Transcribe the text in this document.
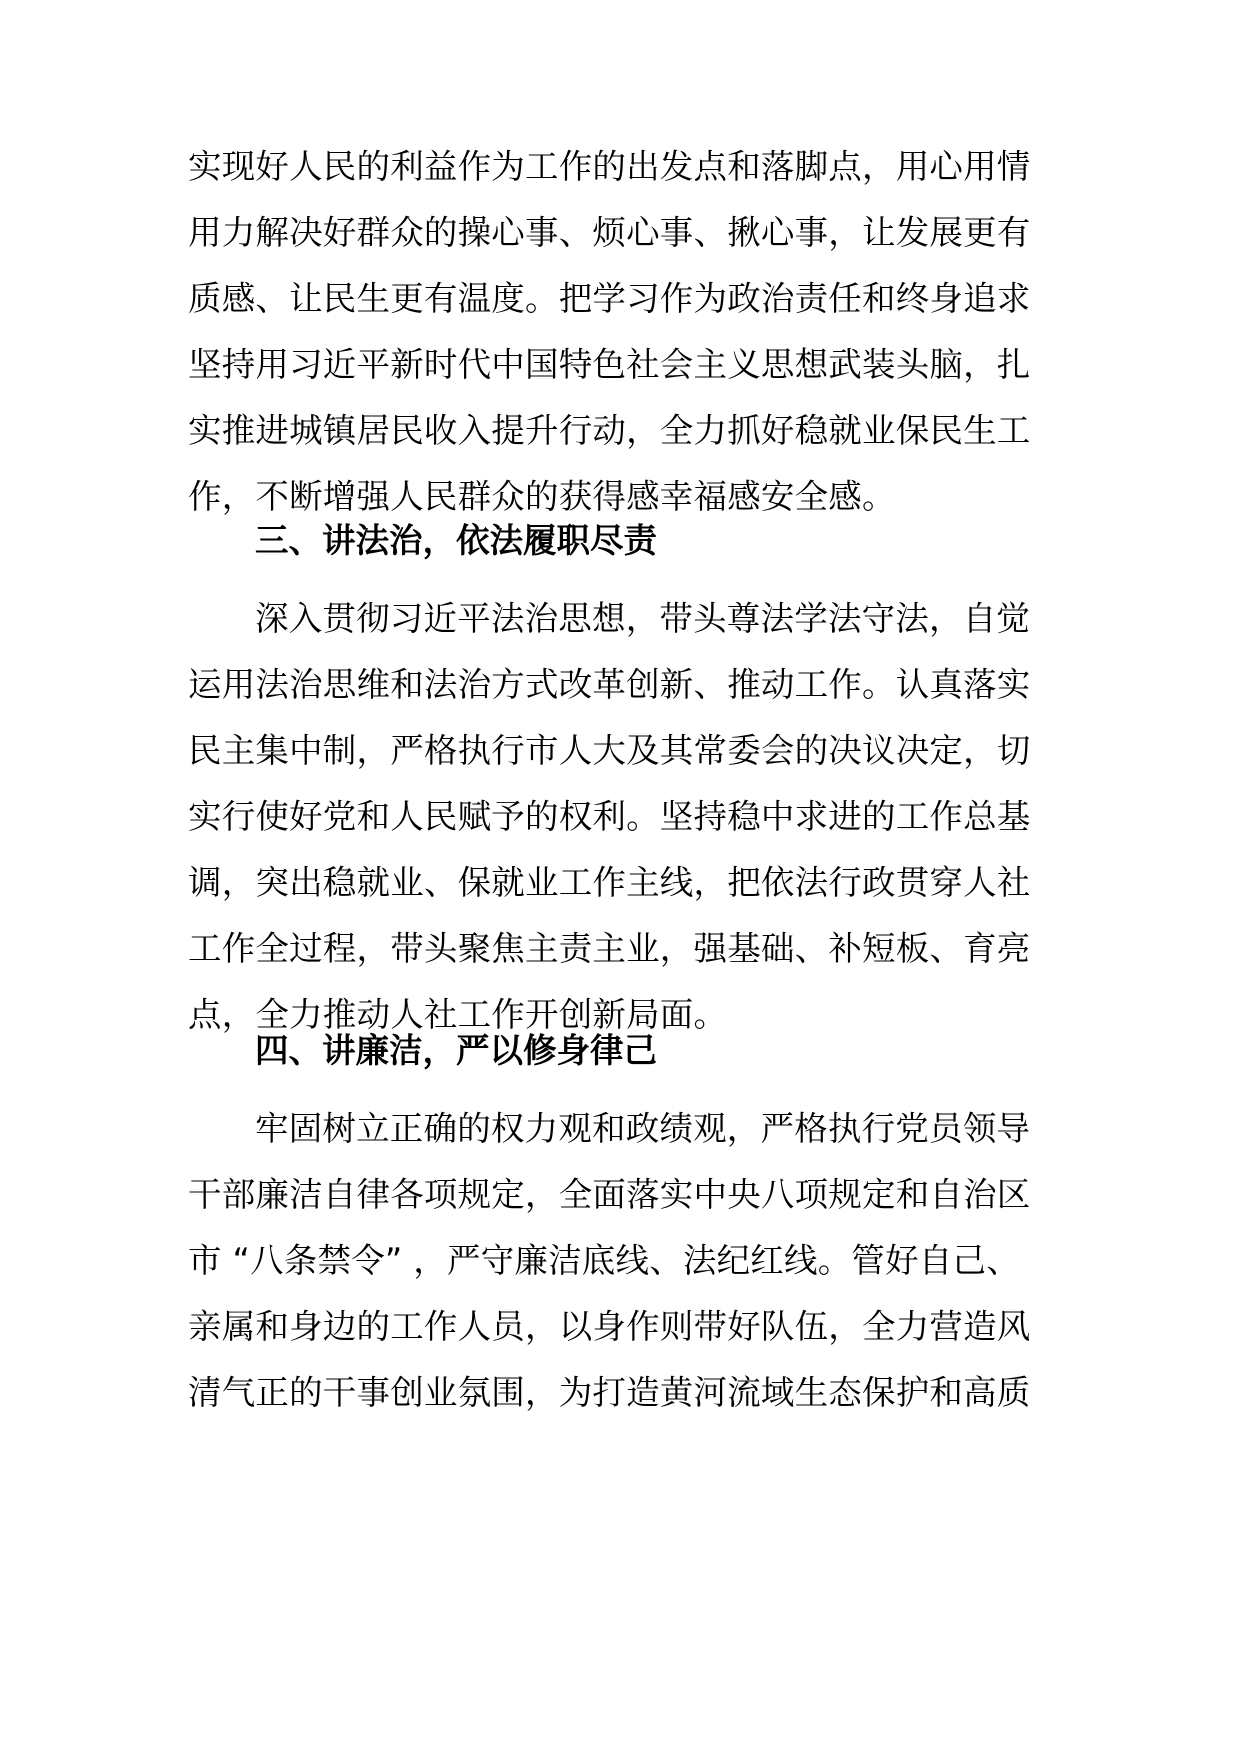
实现好人民的利益作为工作的出发点和落脚点，用心用情
用力解决好群众的操心事、烦心事、揪心事，让发展更有
质感、让民生更有温度。把学习作为政治责任和终身追求
坚持用习近平新时代中国特色社会主义思想武装头脑，扎
实推进城镇居民收入提升行动，全力抓好稳就业保民生工
作，不断增强人民群众的获得感幸福感安全感。
三、讲法治，依法履职尽责
深入贯彻习近平法治思想，带头尊法学法守法，自觉
运用法治思维和法治方式改革创新、推动工作。认真落实
民主集中制，严格执行市人大及其常委会的决议决定，切
实行使好党和人民赋予的权利。坚持稳中求进的工作总基
调，突出稳就业、保就业工作主线，把依法行政贯穿人社
工作全过程，带头聚焦主责主业，强基础、补短板、育亮
点，全力推动人社工作开创新局面。
四、讲廉洁，严以修身律己
牢固树立正确的权力观和政绩观，严格执行党员领导
干部廉洁自律各项规定，全面落实中央八项规定和自治区
市 “八条禁令” ，严守廉洁底线、法纪红线。管好自己、
亲属和身边的工作人员，以身作则带好队伍，全力营造风
清气正的干事创业氛围，为打造黄河流域生态保护和高质
